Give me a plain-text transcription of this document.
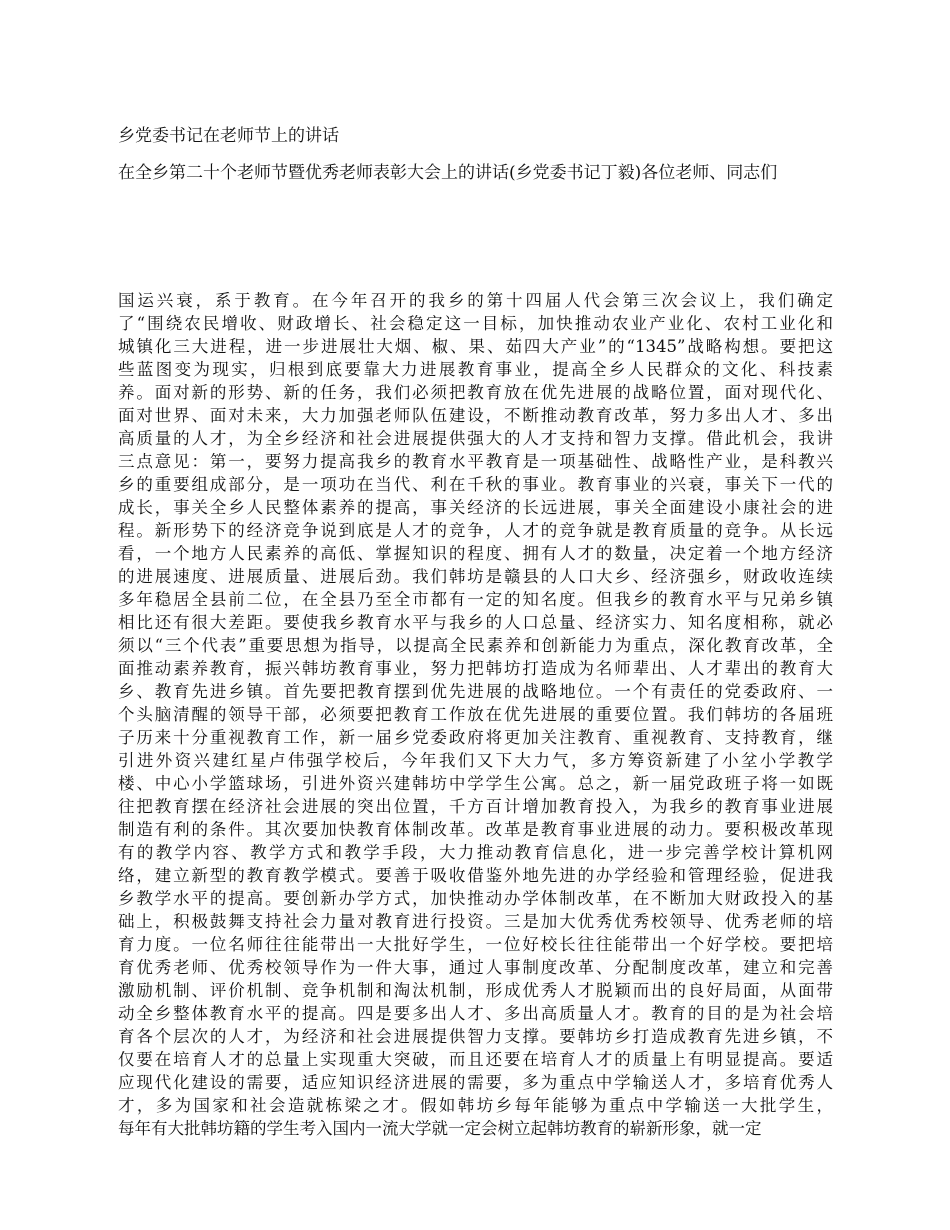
乡党委书记在老师节上的讲话
在全乡第二十个老师节暨优秀老师表彰大会上的讲话(乡党委书记丁毅)各位老师、同志们
国运兴衰，系于教育。在今年召开的我乡的第十四届人代会第三次会议上，我们确定
了“围绕农民增收、财政增长、社会稳定这一目标，加快推动农业产业化、农村工业化和
城镇化三大进程，进一步进展壮大烟、椒、果、茹四大产业”的“1345”战略构想。要把这
些蓝图变为现实，归根到底要靠大力进展教育事业，提高全乡人民群众的文化、科技素
养。面对新的形势、新的任务，我们必须把教育放在优先进展的战略位置，面对现代化、
面对世界、面对未来，大力加强老师队伍建设，不断推动教育改革，努力多出人才、多出
高质量的人才，为全乡经济和社会进展提供强大的人才支持和智力支撑。借此机会，我讲
三点意见：第一，要努力提高我乡的教育水平教育是一项基础性、战略性产业，是科教兴
乡的重要组成部分，是一项功在当代、利在千秋的事业。教育事业的兴衰，事关下一代的
成长，事关全乡人民整体素养的提高，事关经济的长远进展，事关全面建设小康社会的进
程。新形势下的经济竞争说到底是人才的竞争，人才的竞争就是教育质量的竞争。从长远
看，一个地方人民素养的高低、掌握知识的程度、拥有人才的数量，决定着一个地方经济
的进展速度、进展质量、进展后劲。我们韩坊是赣县的人口大乡、经济强乡，财政收连续
多年稳居全县前二位，在全县乃至全市都有一定的知名度。但我乡的教育水平与兄弟乡镇
相比还有很大差距。要使我乡教育水平与我乡的人口总量、经济实力、知名度相称，就必
须以“三个代表”重要思想为指导，以提高全民素养和创新能力为重点，深化教育改革，全
面推动素养教育，振兴韩坊教育事业，努力把韩坊打造成为名师辈出、人才辈出的教育大
乡、教育先进乡镇。首先要把教育摆到优先进展的战略地位。一个有责任的党委政府、一
个头脑清醒的领导干部，必须要把教育工作放在优先进展的重要位置。我们韩坊的各届班
子历来十分重视教育工作，新一届乡党委政府将更加关注教育、重视教育、支持教育，继
引进外资兴建红星卢伟强学校后，今年我们又下大力气，多方筹资新建了小坌小学教学
楼、中心小学篮球场，引进外资兴建韩坊中学学生公寓。总之，新一届党政班子将一如既
往把教育摆在经济社会进展的突出位置，千方百计增加教育投入，为我乡的教育事业进展
制造有利的条件。其次要加快教育体制改革。改革是教育事业进展的动力。要积极改革现
有的教学内容、教学方式和教学手段，大力推动教育信息化，进一步完善学校计算机网
络，建立新型的教育教学模式。要善于吸收借鉴外地先进的办学经验和管理经验，促进我
乡教学水平的提高。要创新办学方式，加快推动办学体制改革，在不断加大财政投入的基
础上，积极鼓舞支持社会力量对教育进行投资。三是加大优秀优秀校领导、优秀老师的培
育力度。一位名师往往能带出一大批好学生，一位好校长往往能带出一个好学校。要把培
育优秀老师、优秀校领导作为一件大事，通过人事制度改革、分配制度改革，建立和完善
激励机制、评价机制、竞争机制和淘汰机制，形成优秀人才脱颖而出的良好局面，从面带
动全乡整体教育水平的提高。四是要多出人才、多出高质量人才。教育的目的是为社会培
育各个层次的人才，为经济和社会进展提供智力支撑。要韩坊乡打造成教育先进乡镇，不
仅要在培育人才的总量上实现重大突破，而且还要在培育人才的质量上有明显提高。要适
应现代化建设的需要，适应知识经济进展的需要，多为重点中学输送人才，多培育优秀人
才，多为国家和社会造就栋梁之才。假如韩坊乡每年能够为重点中学输送一大批学生，
每年有大批韩坊籍的学生考入国内一流大学就一定会树立起韩坊教育的崭新形象，就一定
